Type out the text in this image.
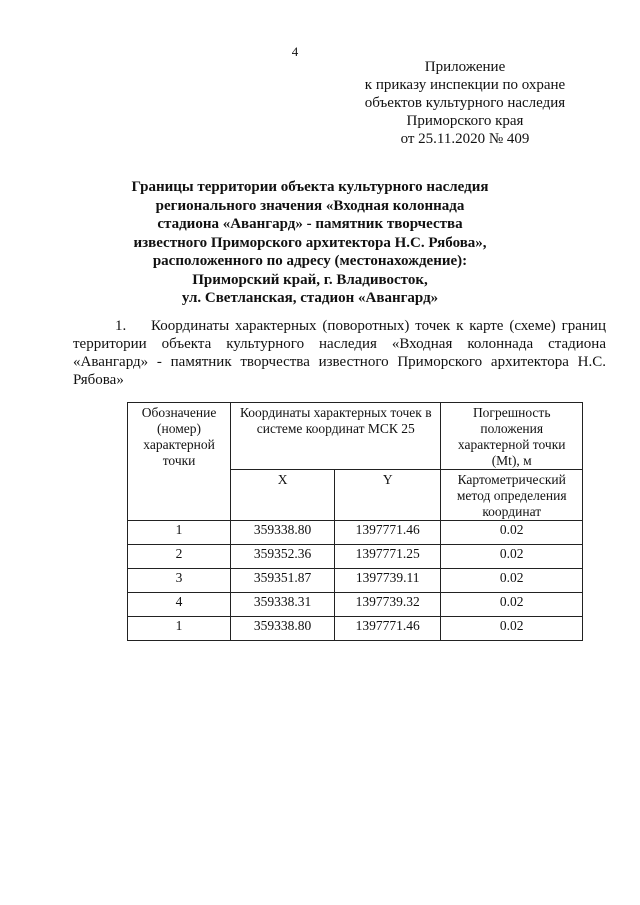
4
Приложение
к приказу инспекции по охране
объектов культурного наследия
Приморского края
от 25.11.2020 № 409
Границы территории объекта культурного наследия
регионального значения «Входная колоннада
стадиона «Авангард» - памятник творчества
известного Приморского архитектора Н.С. Рябова»,
расположенного по адресу (местонахождение):
Приморский край, г. Владивосток,
ул. Светланская, стадион «Авангард»
1. Координаты характерных (поворотных) точек к карте (схеме) границ территории объекта культурного наследия «Входная колоннада стадиона «Авангард» - памятник творчества известного Приморского архитектора Н.С. Рябова»
Обозначение (номер) характерной точки	Координаты характерных точек в системе координат МСК 25		Погрешность положения характерной точки (Mt), м
	X	Y	Картометрический метод определения координат
1	359338.80	1397771.46	0.02
2	359352.36	1397771.25	0.02
3	359351.87	1397739.11	0.02
4	359338.31	1397739.32	0.02
1	359338.80	1397771.46	0.02
